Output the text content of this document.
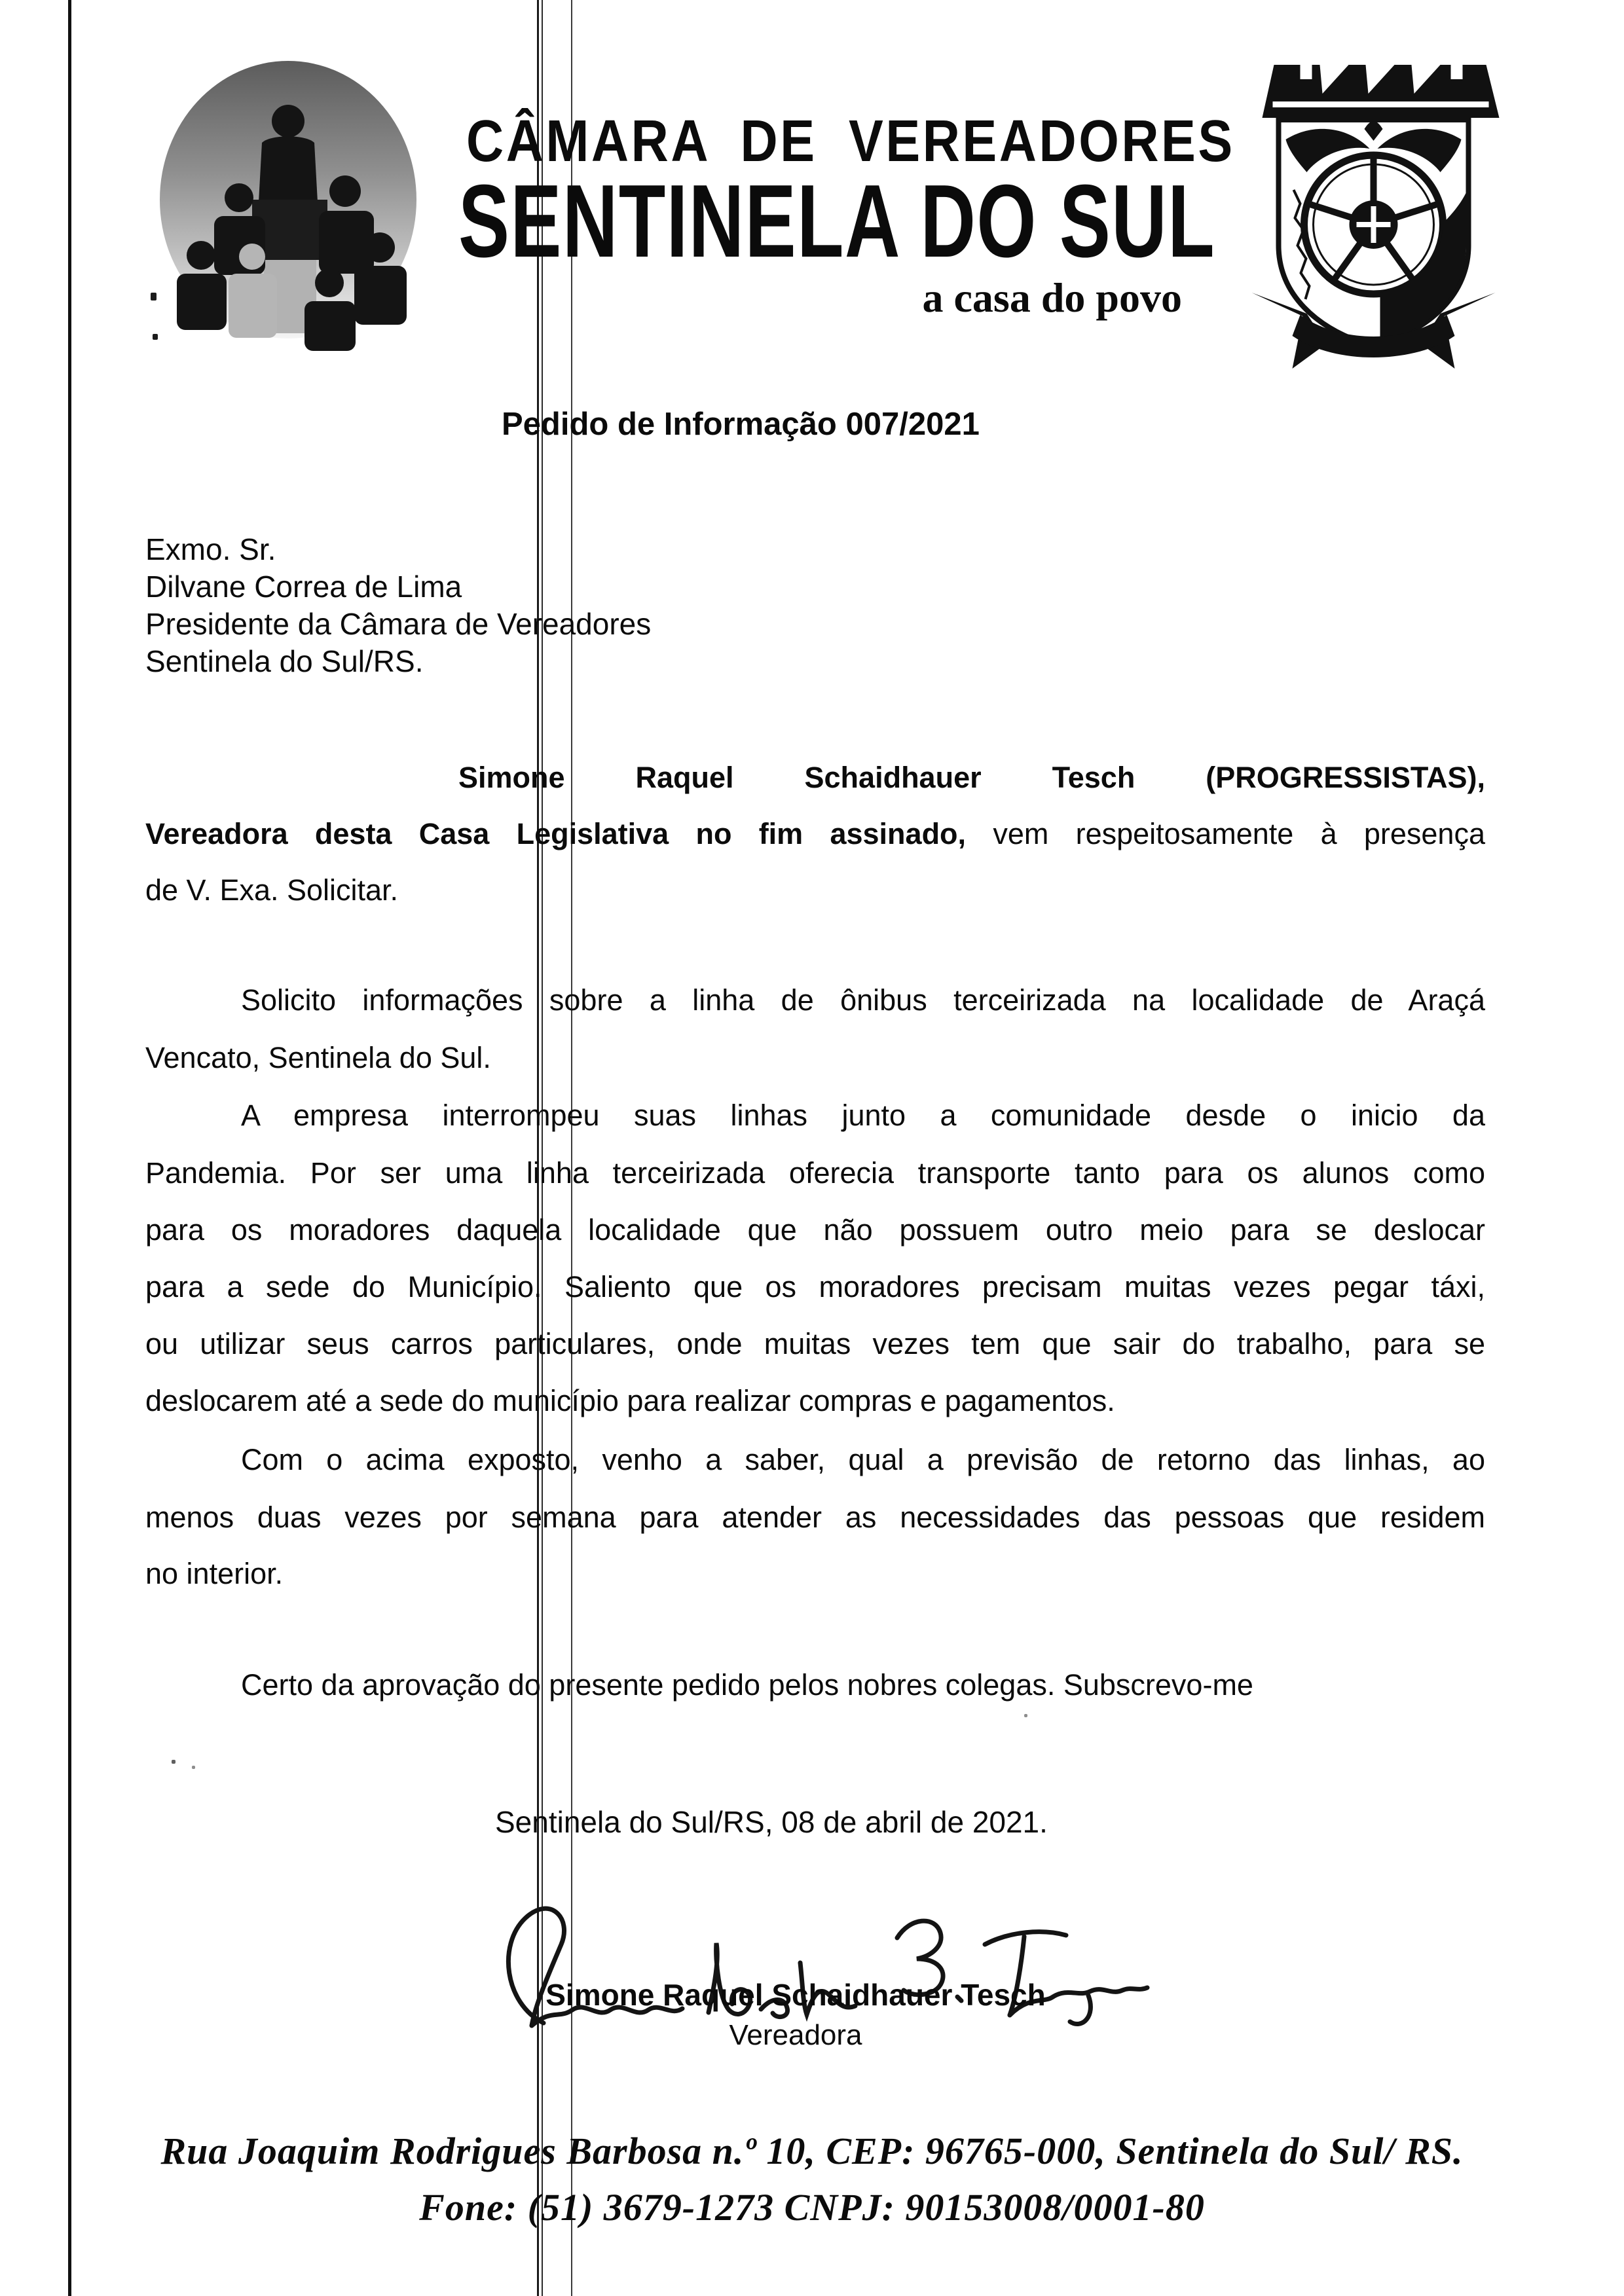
CÂMARA DE VEREADORES
SENTINELA DO SUL
a casa do povo
Pedido de Informação 007/2021
Exmo. Sr.
Dilvane Correa de Lima
Presidente da Câmara de Vereadores
Sentinela do Sul/RS.
Simone Raquel Schaidhauer Tesch (PROGRESSISTAS),
Vereadora desta Casa Legislativa no fim assinado, vem respeitosamente à presença
de V. Exa. Solicitar.
Solicito informações sobre a linha de ônibus terceirizada na localidade de Araçá
Vencato, Sentinela do Sul.
A empresa interrompeu suas linhas junto a comunidade desde o inicio da
Pandemia. Por ser uma linha terceirizada oferecia transporte tanto para os alunos como
para os moradores daquela localidade que não possuem outro meio para se deslocar
para a sede do Município. Saliento que os moradores precisam muitas vezes pegar táxi,
ou utilizar seus carros particulares, onde muitas vezes tem que sair do trabalho, para se
deslocarem até a sede do município para realizar compras e pagamentos.
Com o acima exposto, venho a saber, qual a previsão de retorno das linhas, ao
menos duas vezes por semana para atender as necessidades das pessoas que residem
no interior.
Certo da aprovação do presente pedido pelos nobres colegas. Subscrevo-me
Sentinela do Sul/RS, 08 de abril de 2021.
Simone Raquel Schaidhauer Tesch
Vereadora
Rua Joaquim Rodrigues Barbosa n.º 10, CEP: 96765-000, Sentinela do Sul/ RS.
Fone: (51) 3679-1273 CNPJ: 90153008/0001-80
